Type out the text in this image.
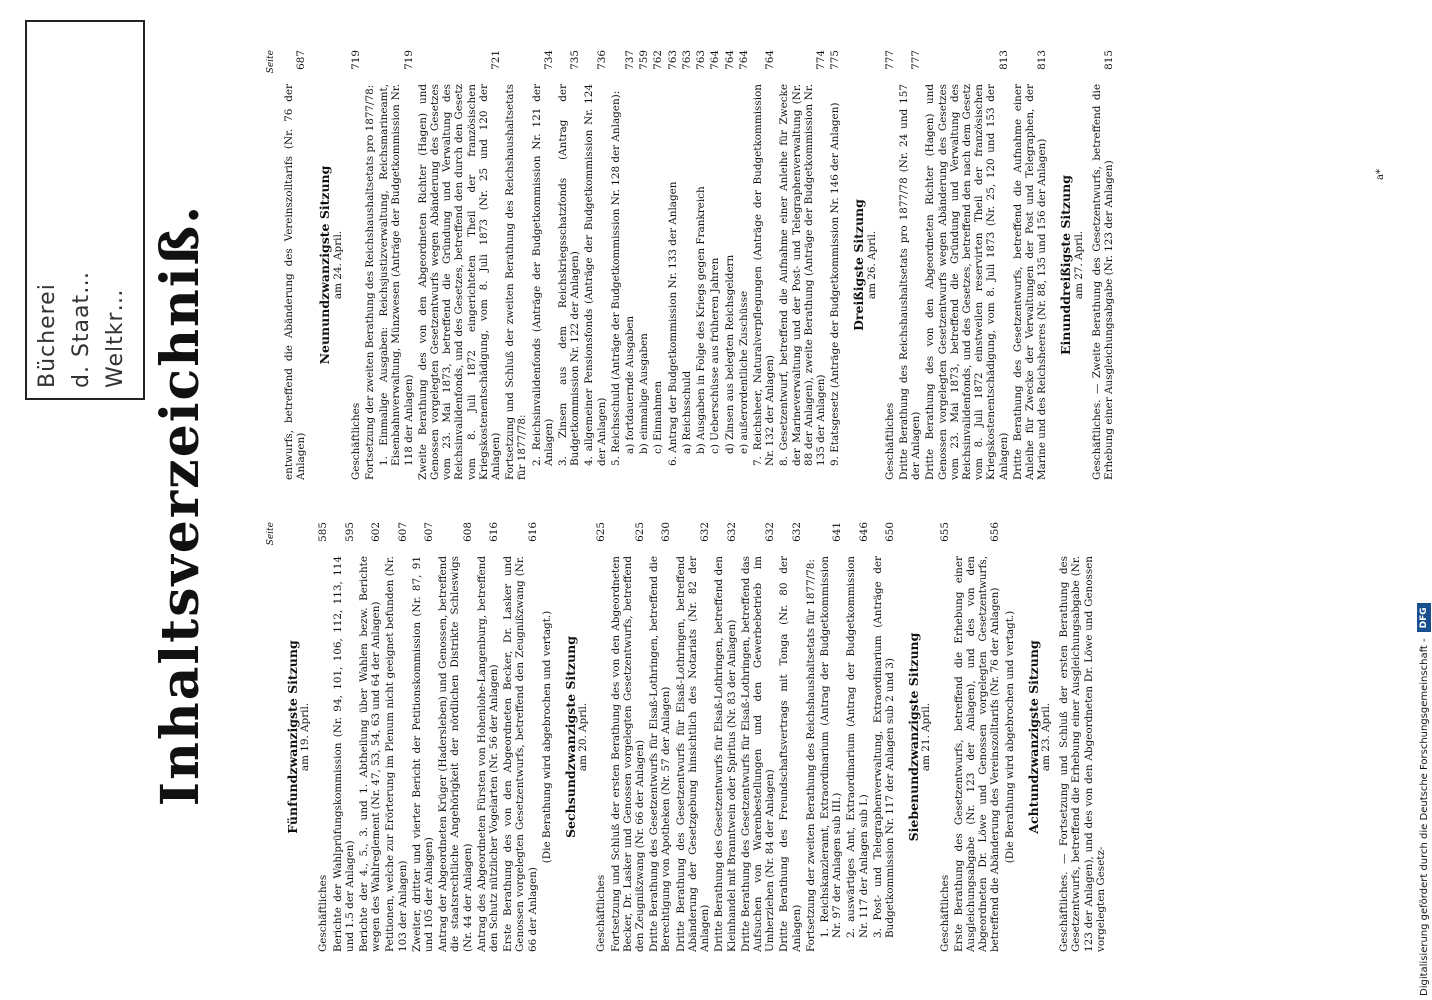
Bücherei d. Staat… Weltkr… Inhaltsverzeichniß.	Seite
Fünfundzwanzigste Sitzung am 19. April.
Geschäftliches
585
Berichte der Wahlprüfungskommission (Nr. 94, 101, 106, 112, 113, 114 und 1.5 der Anlagen)
595
Berichte der 4., 5., 3. und 1. Abtheilung über Wahlen bezw. Berichte wegen des Wahlreglement (Nr. 47, 53, 54, 63 und 64 der Anlagen)
602
Petitionen, welche zur Erörterung im Plenum nicht geeignet befunden (Nr. 103 der Anlagen)
607
Zweiter, dritter und vierter Bericht der Petitionskommission (Nr. 87, 91 und 105 der Anlagen)
607
Antrag der Abgeordneten Krüger (Hadersleben) und Genossen, betreffend die staatsrechtliche Angehörigkeit der nördlichen Distrikte Schleswigs (Nr. 44 der Anlagen)
608
Antrag des Abgeordneten Fürsten von Hohenlohe-Langenburg, betreffend den Schutz nützlicher Vogelarten (Nr. 56 der Anlagen)
616
Erste Berathung des von den Abgeordneten Becker, Dr. Lasker und Genossen vorgelegten Gesetzentwurfs, betreffend den Zeugnißzwang (Nr. 66 der Anlagen)
616
(Die Berathung wird abgebrochen und vertagt.) Sechsundzwanzigste Sitzung am 20. April.
Geschäftliches
625
Fortsetzung und Schluß der ersten Berathung des von den Abgeordneten Becker, Dr. Lasker und Genossen vorgelegten Gesetzentwurfs, betreffend den Zeugnißzwang (Nr. 66 der Anlagen)
625
Dritte Berathung des Gesetzentwurfs für Elsaß-Lothringen, betreffend die Berechtigung von Apotheken (Nr. 57 der Anlagen)
630
Dritte Berathung des Gesetzentwurfs für Elsaß-Lothringen, betreffend Abänderung der Gesetzgebung hinsichtlich des Notariats (Nr. 82 der Anlagen)
632
Dritte Berathung des Gesetzentwurfs für Elsaß-Lothringen, betreffend den Kleinhandel mit Branntwein oder Spiritus (Nr. 83 der Anlagen)
632
Dritte Berathung des Gesetzentwurfs für Elsaß-Lothringen, betreffend das Aufsuchen von Warenbestellungen und den Gewerbebetrieb im Umherziehen (Nr. 84 der Anlagen)
632
Dritte Berathung des Freundschaftsvertrags mit Tonga (Nr. 80 der Anlagen)
632
Fortsetzung der zweiten Berathung des Reichshaushaltsetats für 1877/78: 1. Reichskanzleramt, Extraordinarium (Antrag der Budgetkommission Nr. 97 der Anlagen sub III.)
641
2. auswärtiges Amt, Extraordinarium (Antrag der Budgetkommission Nr. 117 der Anlagen sub I.)
646
3. Post- und Telegraphenverwaltung, Extraordinarium (Anträge der Budgetkommission Nr. 117 der Anlagen sub 2 und 3)
650
Siebenundzwanzigste Sitzung am 21. April.
Geschäftliches
655
Erste Berathung des Gesetzentwurfs, betreffend die Erhebung einer Ausgleichungsabgabe (Nr. 123 der Anlagen), und des von den Abgeordneten Dr. Löwe und Genossen vorgelegten Gesetzentwurfs, betreffend die Abänderung des Vereinszolltarifs (Nr. 76 der Anlagen)
656
(Die Berathung wird abgebrochen und vertagt.) Achtundzwanzigste Sitzung am 23. April. Geschäftliches. — Fortsetzung und Schluß der ersten Berathung des Gesetzentwurfs, betreffend die Erhebung einer Ausgleichungsabgabe (Nr. 123 der Anlagen), und des von den Abgeordneten Dr. Löwe und Genossen vorgelegten Gesetz-
Seite
entwurfs, betreffend die Abänderung des Vereinszolltarifs (Nr. 76 der Anlagen)
687
Neunundzwanzigste Sitzung am 24. April.
Geschäftliches
719
Fortsetzung der zweiten Berathung des Reichshaushaltsetats pro 1877/78: 1. Einmalige Ausgaben: Reichsjustizverwaltung, Reichsmarineamt, Eisenbahnverwaltung, Münzwesen (Anträge der Budgetkommission Nr. 118 der Anlagen)
719
Zweite Berathung des von den Abgeordneten Richter (Hagen) und Genossen vorgelegten Gesetzentwurfs wegen Abänderung des Gesetzes vom 23. Mai 1873, betreffend die Gründung und Verwaltung des Reichsinvalidenfonds, und des Gesetzes, betreffend den durch den Gesetz vom 8. Juli 1872 eingerichteten Theil der französischen Kriegskostenentschädigung, vom 8. Juli 1873 (Nr. 25 und 120 der Anlagen)
721
Fortsetzung und Schluß der zweiten Berathung des Reichshaushaltsetats für 1877/78: 2. Reichsinvalidenfonds (Anträge der Budgetkommission Nr. 121 der Anlagen)
734
3. Zinsen aus dem Reichskriegsschatzfonds (Antrag der Budgetkommission Nr. 122 der Anlagen)
735
4. allgemeiner Pensionsfonds (Anträge der Budgetkommission Nr. 124 der Anlagen)
736
5. Reichsschuld (Anträge der Budgetkommission Nr. 128 der Anlagen): a) fortdauernde Ausgaben
737
b) einmalige Ausgaben
759
c) Einnahmen
762
6. Antrag der Budgetkommission Nr. 133 der Anlagen
763
a) Reichsschuld
763
b) Ausgaben in Folge des Kriegs gegen Frankreich
763
c) Ueberschüsse aus früheren Jahren
764
d) Zinsen aus belegten Reichsgeldern
764
e) außerordentliche Zuschüsse
764
7. Reichsheer, Naturalverpflegungen (Anträge der Budgetkommission Nr. 132 der Anlagen)
764
8. Gesetzentwurf, betreffend die Aufnahme einer Anleihe für Zwecke der Marineverwaltung und der Post- und Telegraphenverwaltung (Nr. 88 der Anlagen), zweite Berathung (Anträge der Budgetkommission Nr. 135 der Anlagen)
774
9. Etatsgesetz (Anträge der Budgetkommission Nr. 146 der Anlagen)
775
Dreißigste Sitzung am 26. April.
Geschäftliches
777
Dritte Berathung des Reichshaushaltsetats pro 1877/78 (Nr. 24 und 157 der Anlagen)
777
Dritte Berathung des von den Abgeordneten Richter (Hagen) und Genossen vorgelegten Gesetzentwurfs wegen Abänderung des Gesetzes vom 23. Mai 1873, betreffend die Gründung und Verwaltung des Reichsinvalidenfonds, und des Gesetzes, betreffend den nach dem Gesetz vom 8. Juli 1872 einstweilen reservirten Theil der französischen Kriegskostenentschädigung, vom 8. Juli 1873 (Nr. 25, 120 und 153 der Anlagen)
813
Dritte Berathung des Gesetzentwurfs, betreffend die Aufnahme einer Anleihe für Zwecke der Verwaltungen der Post und Telegraphen, der Marine und des Reichsheeres (Nr. 88, 135 und 156 der Anlagen)
813
Einunddreißigste Sitzung am 27. April. Geschäftliches. — Zweite Berathung des Gesetzentwurfs, betreffend die Erhebung einer Ausgleichungsabgabe (Nr. 123 der Anlagen)
815
a*
Digitalisierung gefördert durch die Deutsche Forschungsgemeinschaft -DFG
